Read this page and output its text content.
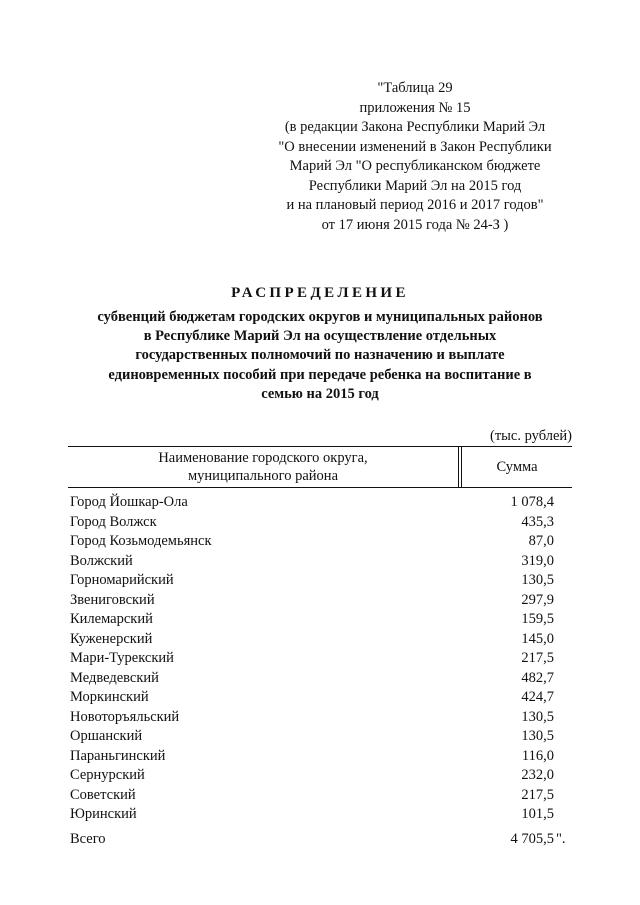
"Таблица 29
приложения № 15
(в редакции Закона Республики Марий Эл
"О внесении изменений в Закон Республики
Марий Эл "О республиканском бюджете
Республики Марий Эл на 2015 год
и на плановый период 2016 и 2017 годов"
от 17 июня 2015 года № 24-З )
РАСПРЕДЕЛЕНИЕ
субвенций бюджетам городских округов и муниципальных районов
в Республике Марий Эл на осуществление отдельных
государственных полномочий по назначению и выплате
единовременных пособий при передаче ребенка на воспитание в
семью на 2015 год
(тыс. рублей)
Наименование городского округа,
муниципального района
Сумма
Город Йошкар-Ола	1 078,4
Город Волжск	435,3
Город Козьмодемьянск	87,0
Волжский	319,0
Горномарийский	130,5
Звениговский	297,9
Килемарский	159,5
Куженерский	145,0
Мари-Турекский	217,5
Медведевский	482,7
Моркинский	424,7
Новоторъяльский	130,5
Оршанский	130,5
Параньгинский	116,0
Сернурский	232,0
Советский	217,5
Юринский	101,5
Всего	4 705,5 ".
